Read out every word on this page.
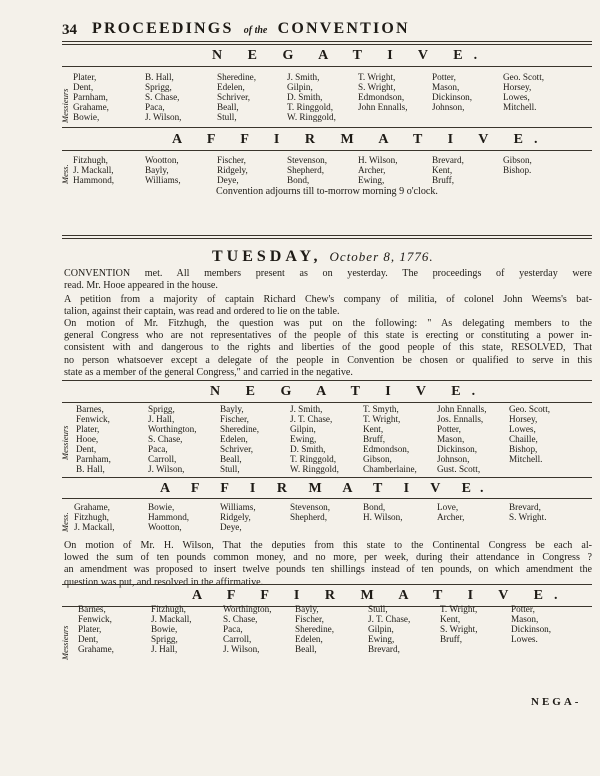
34 PROCEEDINGS of the CONVENTION
N E G A T I V E.
Messieurs
Plater,
Dent,
Parnham,
Grahame,
Bowie,
B. Hall,
Sprigg,
S. Chase,
Paca,
J. Wilson,
Sheredine,
Edelen,
Schriver,
Beall,
Stull,
J. Smith,
Gilpin,
D. Smith,
T. Ringgold,
W. Ringgold,
T. Wright,
S. Wright,
Edmondson,
John Ennalls,
Potter,
Mason,
Dickinson,
Johnson,
Geo. Scott,
Horsey,
Lowes,
Mitchell.
A F F I R M A T I V E.
Mess.
Fitzhugh,
J. Mackall,
Hammond,
Wootton,
Bayly,
Williams,
Fischer,
Ridgely,
Deye,
Stevenson,
Shepherd,
Bond,
H. Wilson,
Archer,
Ewing,
Brevard,
Kent,
Bruff,
Gibson,
Bishop.
Convention adjourns till to-morrow morning 9 o'clock.
TUESDAY, October 8, 1776.
CONVENTION met. All members present as on yesterday. The proceedings of yesterday were
read. Mr. Hooe appeared in the house.
A petition from a majority of captain Richard Chew's company of militia, of colonel John Weems's bat-
talion, against their captain, was read and ordered to lie on the table.
On motion of Mr. Fitzhugh, the question was put on the following: " As delegating members to the
general Congress who are not representatives of the people of this state is erecting or constituting a power in-
consistent with and dangerous to the rights and liberties of the good people of this state, RESOLVED, That
no person whatsoever except a delegate of the people in Convention be chosen or qualified to serve in this
state as a member of the general Congress," and carried in the negative.
N E G A T I V E.
Messieurs
Barnes,
Fenwick,
Plater,
Hooe,
Dent,
Parnham,
B. Hall,
Sprigg,
J. Hall,
Worthington,
S. Chase,
Paca,
Carroll,
J. Wilson,
Bayly,
Fischer,
Sheredine,
Edelen,
Schriver,
Beall,
Stull,
J. Smith,
J. T. Chase,
Gilpin,
Ewing,
D. Smith,
T. Ringgold,
W. Ringgold,
T. Smyth,
T. Wright,
Kent,
Bruff,
Edmondson,
Gibson,
Chamberlaine,
John Ennalls,
Jos. Ennalls,
Potter,
Mason,
Dickinson,
Johnson,
Gust. Scott,
Geo. Scott,
Horsey,
Lowes,
Chaille,
Bishop,
Mitchell.
A F F I R M A T I V E.
Mess.
Grahame,
Fitzhugh,
J. Mackall,
Bowie,
Hammond,
Wootton,
Williams,
Ridgely,
Deye,
Stevenson,
Shepherd,
Bond,
H. Wilson,
Love,
Archer,
Brevard,
S. Wright.
On motion of Mr. H. Wilson, That the deputies from this state to the Continental Congress be each al-
lowed the sum of ten pounds common money, and no more, per week, during their attendance in Congress ?
an amendment was proposed to insert twelve pounds ten shillings instead of ten pounds, on which amendment the
question was put, and resolved in the affirmative.
A F F I R M A T I V E.
Messieurs
Barnes,
Fenwick,
Plater,
Dent,
Grahame,
Fitzhugh,
J. Mackall,
Bowie,
Sprigg,
J. Hall,
Worthington,
S. Chase,
Paca,
Carroll,
J. Wilson,
Bayly,
Fischer,
Sheredine,
Edelen,
Beall,
Stull,
J. T. Chase,
Gilpin,
Ewing,
Brevard,
T. Wright,
Kent,
S. Wright,
Bruff,
Potter,
Mason,
Dickinson,
Lowes.
NEGA-
